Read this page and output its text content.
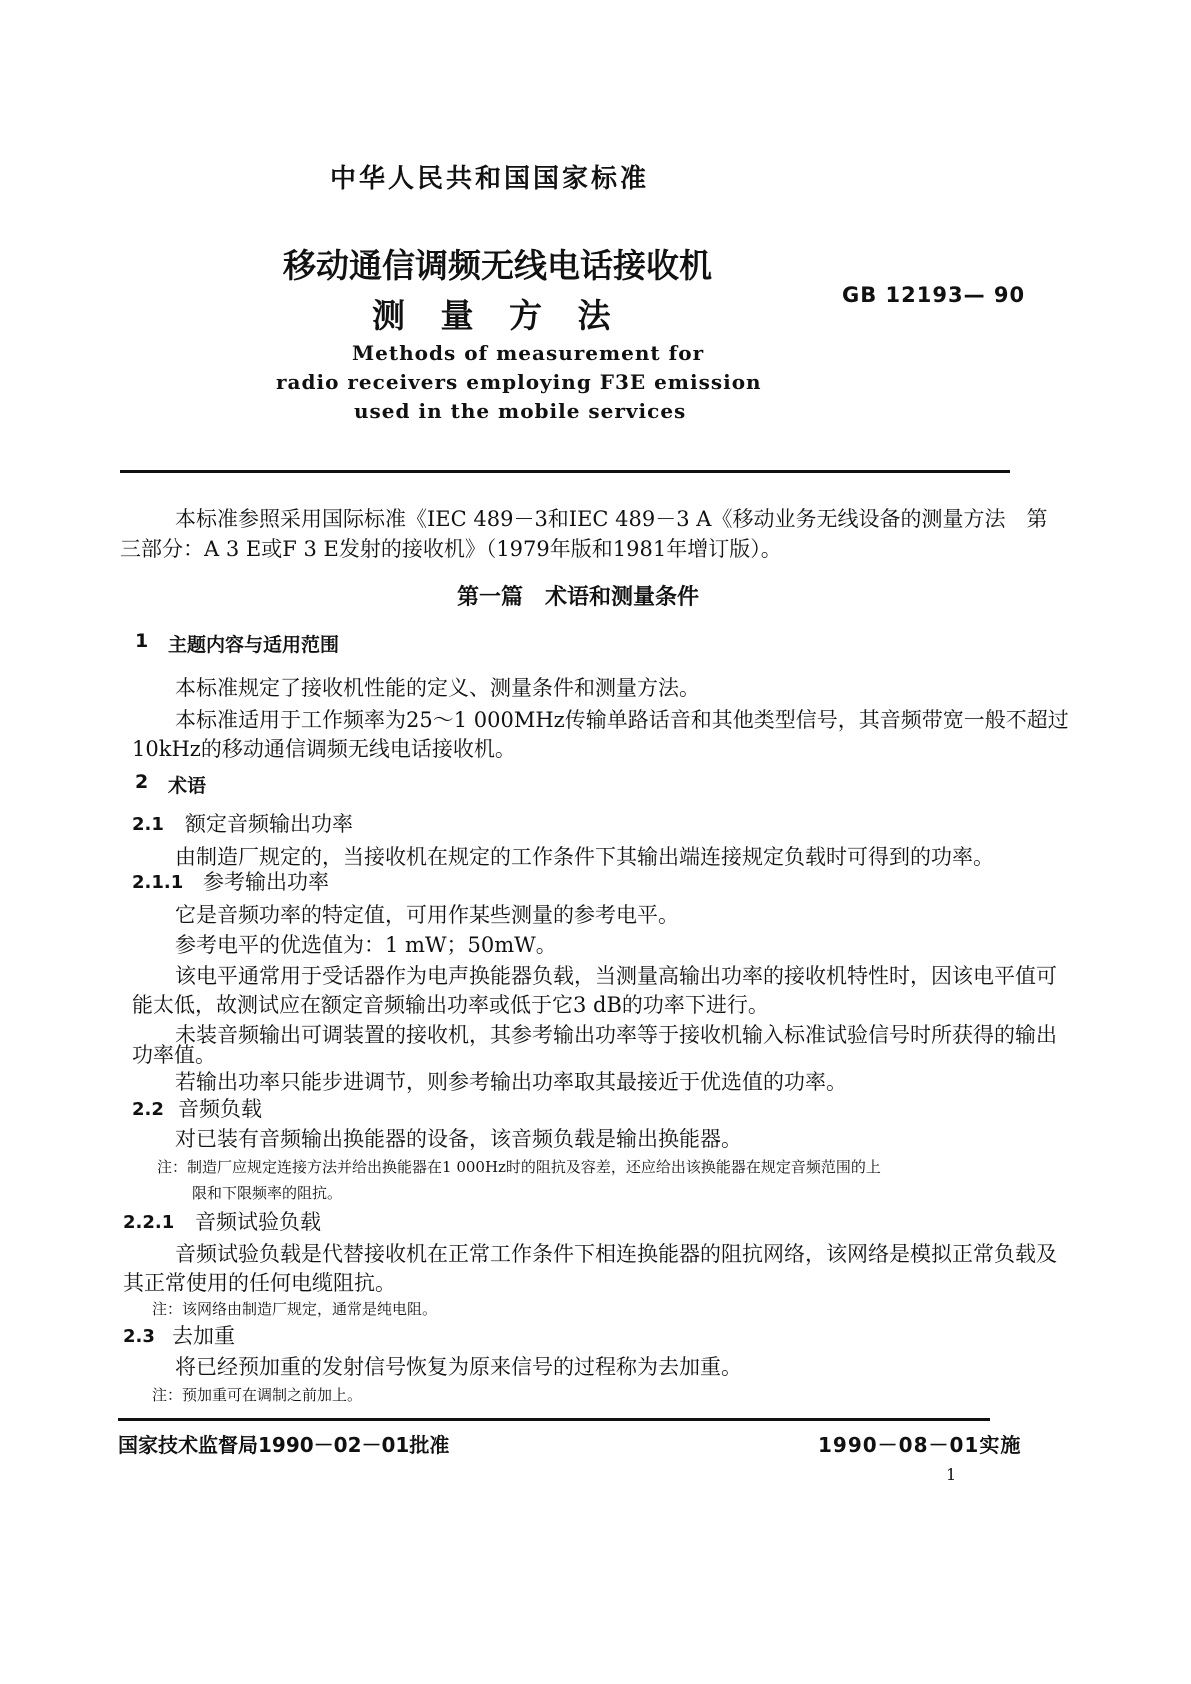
中华人民共和国国家标准
移动通信调频无线电话接收机
测 量 方 法
GB 12193— 90
Methods of measurement for
radio receivers employing F3E emission
used in the mobile services
本标准参照采用国际标准《IEC 489－3和IEC 489－3 A《移动业务无线设备的测量方法　第
三部分：A 3 E或F 3 E发射的接收机》（1979年版和1981年增订版）。
第一篇　术语和测量条件
1 主题内容与适用范围
本标准规定了接收机性能的定义、测量条件和测量方法。
本标准适用于工作频率为25～1 000MHz传输单路话音和其他类型信号，其音频带宽一般不超过
10kHz的移动通信调频无线电话接收机。
2 术语
2.1 额定音频输出功率
由制造厂规定的，当接收机在规定的工作条件下其输出端连接规定负载时可得到的功率。
2.1.1 参考输出功率
它是音频功率的特定值，可用作某些测量的参考电平。
参考电平的优选值为：1 mW；50mW。
该电平通常用于受话器作为电声换能器负载，当测量高输出功率的接收机特性时，因该电平值可
能太低，故测试应在额定音频输出功率或低于它3 dB的功率下进行。
未装音频输出可调装置的接收机，其参考输出功率等于接收机输入标准试验信号时所获得的输出
功率值。
若输出功率只能步进调节，则参考输出功率取其最接近于优选值的功率。
2.2 音频负载
对已装有音频输出换能器的设备，该音频负载是输出换能器。
注：制造厂应规定连接方法并给出换能器在1 000Hz时的阻抗及容差，还应给出该换能器在规定音频范围的上
限和下限频率的阻抗。
2.2.1 音频试验负载
音频试验负载是代替接收机在正常工作条件下相连换能器的阻抗网络，该网络是模拟正常负载及
其正常使用的任何电缆阻抗。
注：该网络由制造厂规定，通常是纯电阻。
2.3 去加重
将已经预加重的发射信号恢复为原来信号的过程称为去加重。
注：预加重可在调制之前加上。
国家技术监督局1990－02－01批准	1990－08－01实施
1
